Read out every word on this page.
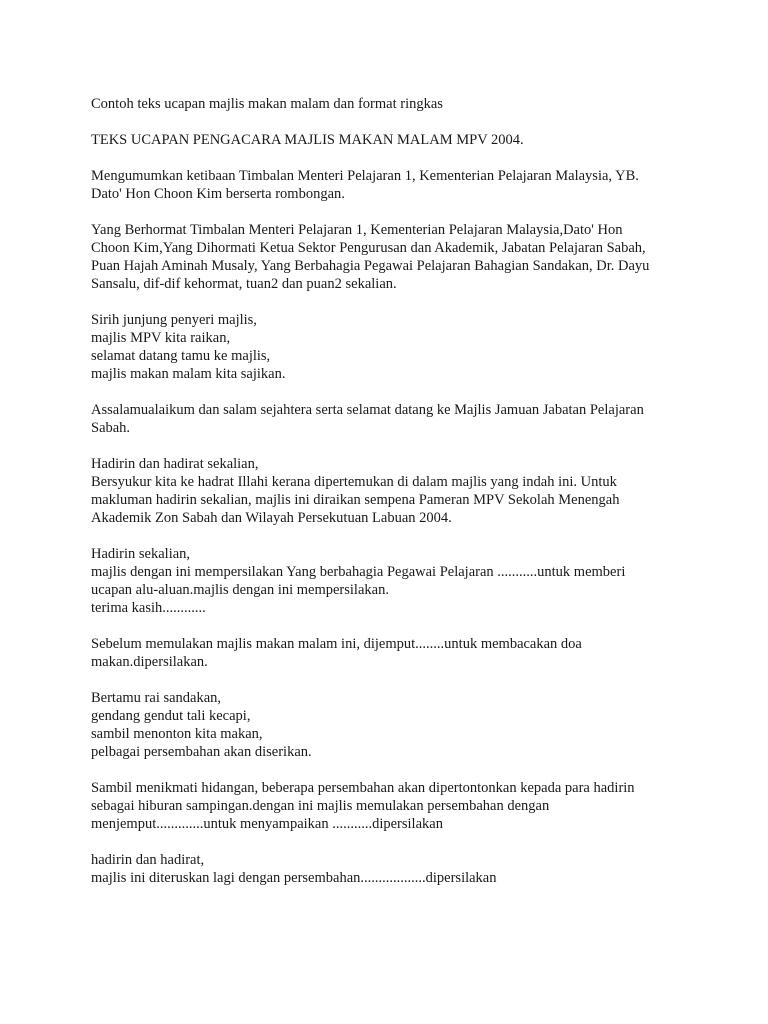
Contoh teks ucapan majlis makan malam dan format ringkas

TEKS UCAPAN PENGACARA MAJLIS MAKAN MALAM MPV 2004.

Mengumumkan ketibaan Timbalan Menteri Pelajaran 1, Kementerian Pelajaran Malaysia, YB.
Dato' Hon Choon Kim berserta rombongan.

Yang Berhormat Timbalan Menteri Pelajaran 1, Kementerian Pelajaran Malaysia,Dato' Hon
Choon Kim,Yang Dihormati Ketua Sektor Pengurusan dan Akademik, Jabatan Pelajaran Sabah,
Puan Hajah Aminah Musaly, Yang Berbahagia Pegawai Pelajaran Bahagian Sandakan, Dr. Dayu
Sansalu, dif-dif kehormat, tuan2 dan puan2 sekalian.

Sirih junjung penyeri majlis,
majlis MPV kita raikan,
selamat datang tamu ke majlis,
majlis makan malam kita sajikan.

Assalamualaikum dan salam sejahtera serta selamat datang ke Majlis Jamuan Jabatan Pelajaran
Sabah.

Hadirin dan hadirat sekalian,
Bersyukur kita ke hadrat Illahi kerana dipertemukan di dalam majlis yang indah ini. Untuk
makluman hadirin sekalian, majlis ini diraikan sempena Pameran MPV Sekolah Menengah
Akademik Zon Sabah dan Wilayah Persekutuan Labuan 2004.

Hadirin sekalian,
majlis dengan ini mempersilakan Yang berbahagia Pegawai Pelajaran ...........untuk memberi
ucapan alu-aluan.majlis dengan ini mempersilakan.
terima kasih............

Sebelum memulakan majlis makan malam ini, dijemput........untuk membacakan doa
makan.dipersilakan.

Bertamu rai sandakan,
gendang gendut tali kecapi,
sambil menonton kita makan,
pelbagai persembahan akan diserikan.

Sambil menikmati hidangan, beberapa persembahan akan dipertontonkan kepada para hadirin
sebagai hiburan sampingan.dengan ini majlis memulakan persembahan dengan
menjemput.............untuk menyampaikan ...........dipersilakan

hadirin dan hadirat,
majlis ini diteruskan lagi dengan persembahan..................dipersilakan
